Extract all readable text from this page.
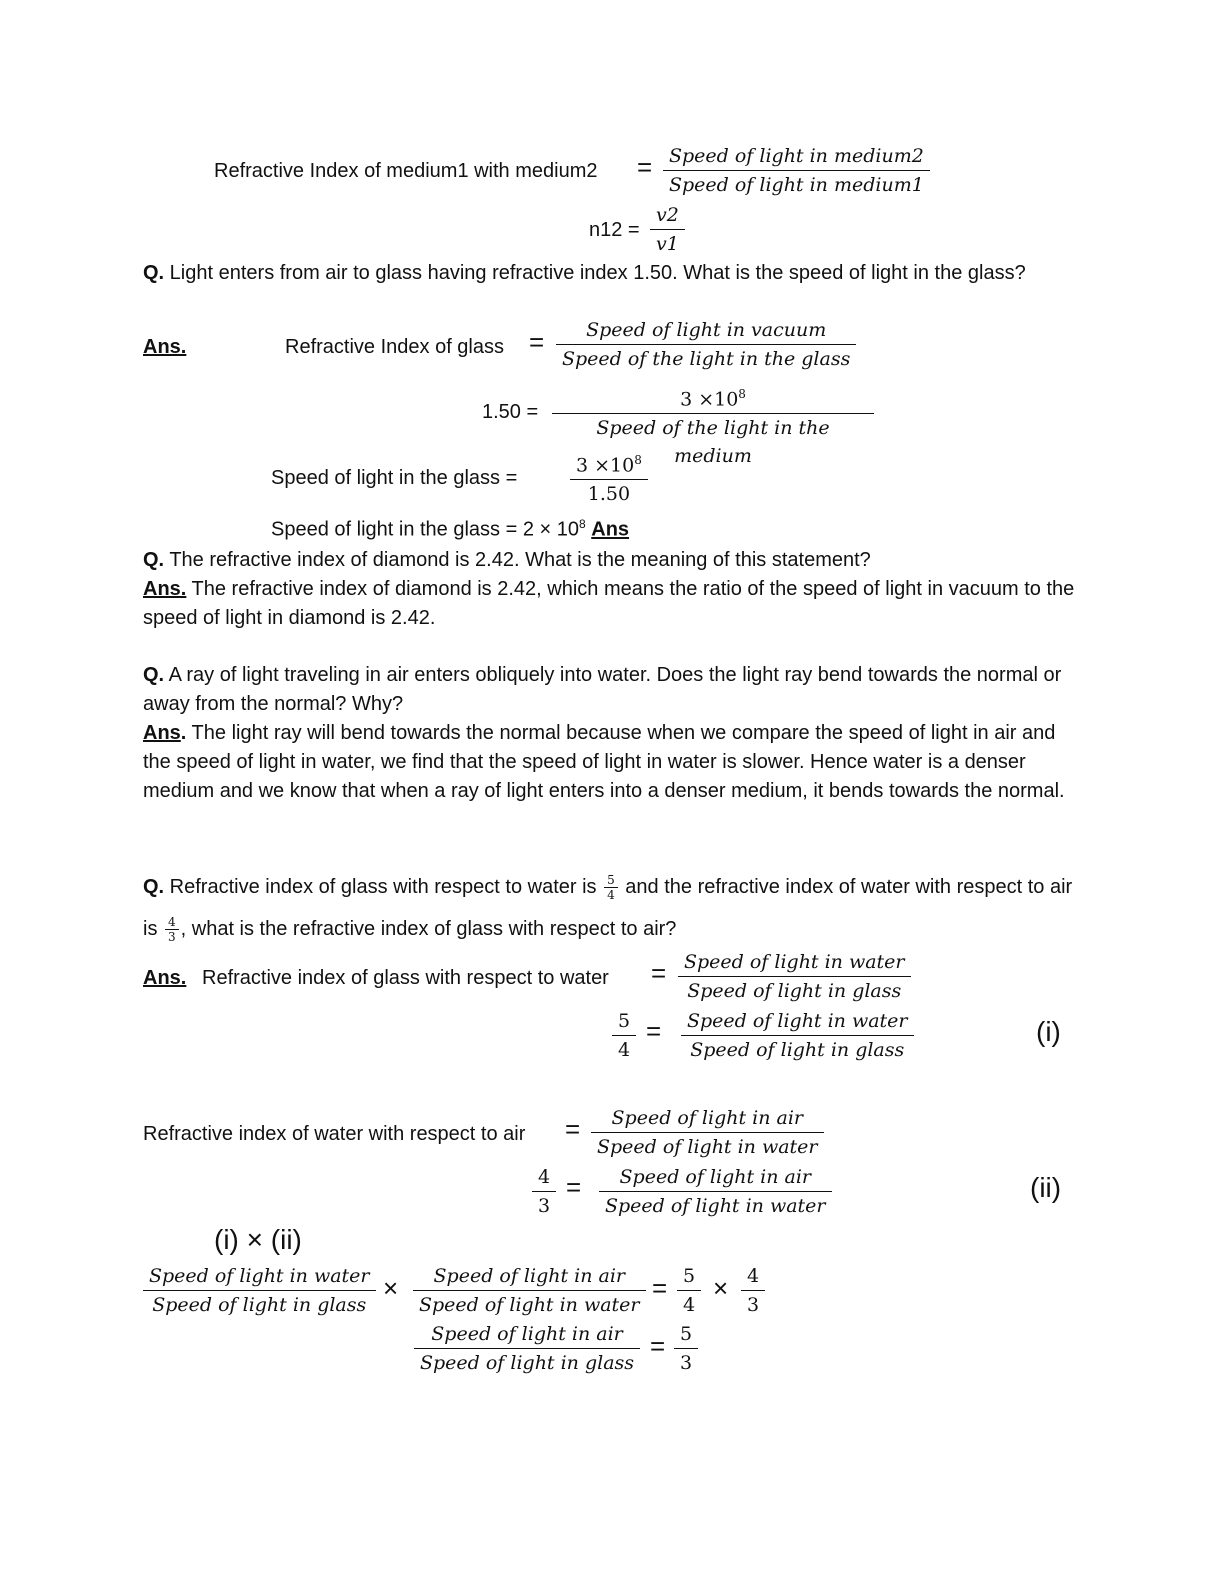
Refractive Index of medium1 with medium2 = Speed of light in medium2
Speed of light in medium1
$n12 = \frac{v2}{v1}$
Q. Light enters from air to glass having refractive index 1.50. What is the speed of light in the glass?
Ans.	Refractive Index of glass =	Speed of light in vacuum
Speed of the light in the glass
1.50 =
$3 \times 10^8$
Speed of the light in the medium
Speed of light in the glass =	$\frac{3 \times 10^8}{1.50}$
Speed of light in the glass = $2 \times 10^8$ Ans
Q. The refractive index of diamond is 2.42. What is the meaning of this statement?
Ans. The refractive index of diamond is 2.42, which means the ratio of the speed of light in vacuum to the speed of light in diamond is 2.42.
Q. A ray of light traveling in air enters obliquely into water. Does the light ray bend towards the normal or away from the normal? Why?
Ans. The light ray will bend towards the normal because when we compare the speed of light in air and the speed of light in water, we find that the speed of light in water is slower. Hence water is a denser medium and we know that when a ray of light enters into a denser medium, it bends towards the normal.
Q. Refractive index of glass with respect to water is $\frac{5}{4}$ and the refractive index of water with respect to air is $\frac{4}{3}$ , what is the refractive index of glass with respect to air?
Ans. Refractive index of glass with respect to water = Speed of light in water
Speed of light in glass
$\frac{5}{4}$ =	Speed of light in water
Speed of light in glass
(i)
Refractive index of water with respect to air =	Speed of light in air
Speed of light in water
$\frac{4}{3}$ =	Speed of light in air
Speed of light in water
(ii)
(i) × (ii)
Speed of light in water
Speed of light in glass
×	Speed of light in air
Speed of light in water
= $\frac{5}{4} \times \frac{4}{3}$
Speed of light in air
Speed of light in glass
= $\frac{5}{3}$
